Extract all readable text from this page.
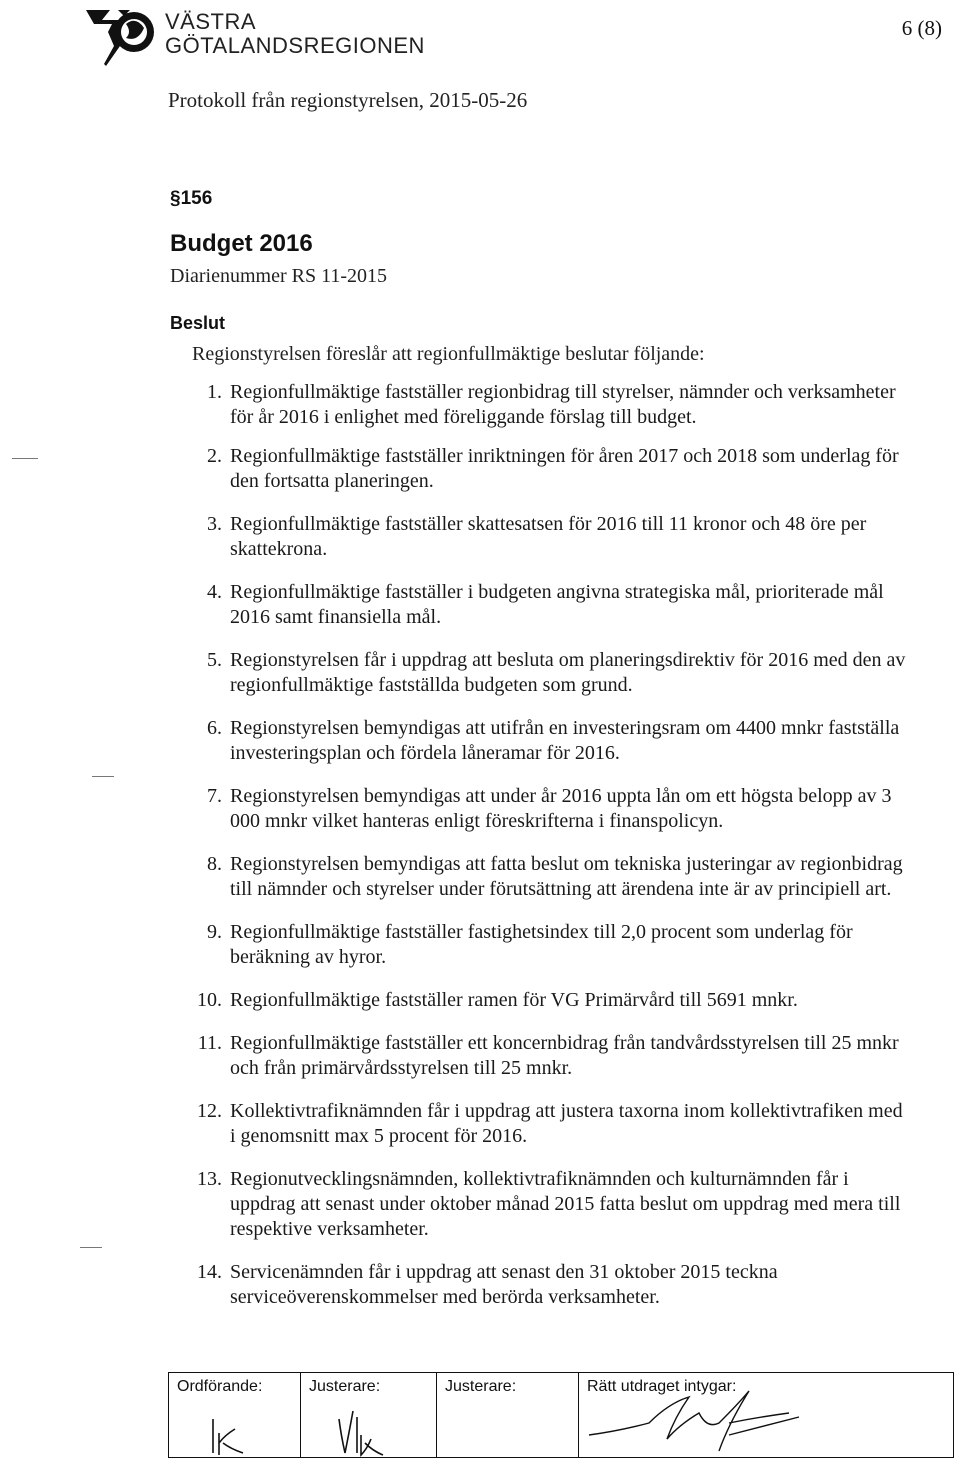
VÄSTRA
GÖTALANDSREGIONEN
6 (8)
Protokoll från regionstyrelsen, 2015-05-26
§156
Budget 2016
Diarienummer RS 11-2015
Beslut
Regionstyrelsen föreslår att regionfullmäktige beslutar följande:
1. Regionfullmäktige fastställer regionbidrag till styrelser, nämnder och verksamheter för år 2016 i enlighet med föreliggande förslag till budget.
2. Regionfullmäktige fastställer inriktningen för åren 2017 och 2018 som underlag för den fortsatta planeringen.
3. Regionfullmäktige fastställer skattesatsen för 2016 till 11 kronor och 48 öre per skattekrona.
4. Regionfullmäktige fastställer i budgeten angivna strategiska mål, prioriterade mål 2016 samt finansiella mål.
5. Regionstyrelsen får i uppdrag att besluta om planeringsdirektiv för 2016 med den av regionfullmäktige fastställda budgeten som grund.
6. Regionstyrelsen bemyndigas att utifrån en investeringsram om 4400 mnkr fastställa investeringsplan och fördela låneramar för 2016.
7. Regionstyrelsen bemyndigas att under år 2016 uppta lån om ett högsta belopp av 3 000 mnkr vilket hanteras enligt föreskrifterna i finanspolicyn.
8. Regionstyrelsen bemyndigas att fatta beslut om tekniska justeringar av regionbidrag till nämnder och styrelser under förutsättning att ärendena inte är av principiell art.
9. Regionfullmäktige fastställer fastighetsindex till 2,0 procent som underlag för beräkning av hyror.
10. Regionfullmäktige fastställer ramen för VG Primärvård till 5691 mnkr.
11. Regionfullmäktige fastställer ett koncernbidrag från tandvårdsstyrelsen till 25 mnkr och från primärvårdsstyrelsen till 25 mnkr.
12. Kollektivtrafiknämnden får i uppdrag att justera taxorna inom kollektivtrafiken med i genomsnitt max 5 procent för 2016.
13. Regionutvecklingsnämnden, kollektivtrafiknämnden och kulturnämnden får i uppdrag att senast under oktober månad 2015 fatta beslut om uppdrag med mera till respektive verksamheter.
14. Servicenämnden får i uppdrag att senast den 31 oktober 2015 teckna serviceöverenskommelser med berörda verksamheter.
Ordförande:	Justerare:	Justerare:	Rätt utdraget intygar:
